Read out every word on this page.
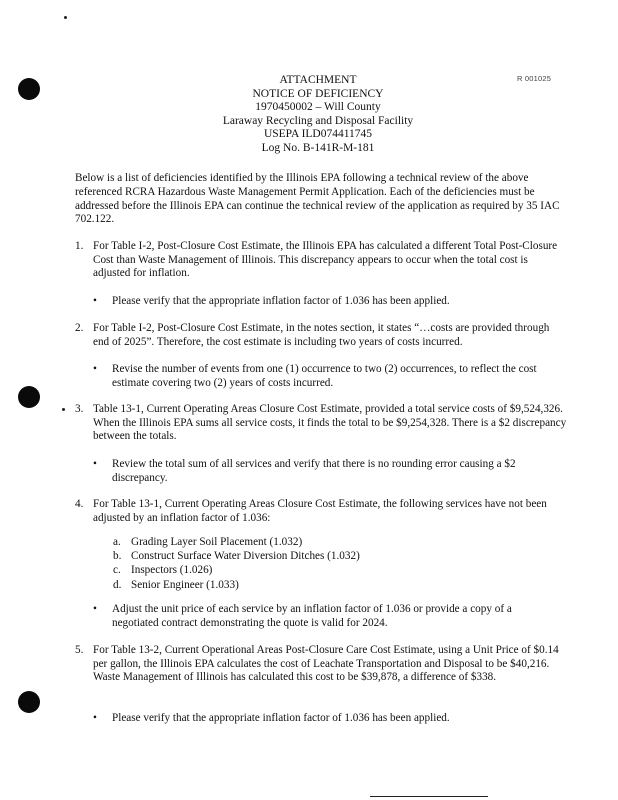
R 001025
ATTACHMENT
NOTICE OF DEFICIENCY
1970450002 – Will County
Laraway Recycling and Disposal Facility
USEPA ILD074411745
Log No. B-141R-M-181
Below is a list of deficiencies identified by the Illinois EPA following a technical review of the above referenced RCRA Hazardous Waste Management Permit Application. Each of the deficiencies must be addressed before the Illinois EPA can continue the technical review of the application as required by 35 IAC 702.122.
1. For Table I-2, Post-Closure Cost Estimate, the Illinois EPA has calculated a different Total Post-Closure Cost than Waste Management of Illinois. This discrepancy appears to occur when the total cost is adjusted for inflation.
• Please verify that the appropriate inflation factor of 1.036 has been applied.
2. For Table I-2, Post-Closure Cost Estimate, in the notes section, it states “…costs are provided through end of 2025”. Therefore, the cost estimate is including two years of costs incurred.
• Revise the number of events from one (1) occurrence to two (2) occurrences, to reflect the cost estimate covering two (2) years of costs incurred.
3. Table 13-1, Current Operating Areas Closure Cost Estimate, provided a total service costs of $9,524,326. When the Illinois EPA sums all service costs, it finds the total to be $9,254,328. There is a $2 discrepancy between the totals.
• Review the total sum of all services and verify that there is no rounding error causing a $2 discrepancy.
4. For Table 13-1, Current Operating Areas Closure Cost Estimate, the following services have not been adjusted by an inflation factor of 1.036:
a. Grading Layer Soil Placement (1.032)
b. Construct Surface Water Diversion Ditches (1.032)
c. Inspectors (1.026)
d. Senior Engineer (1.033)
• Adjust the unit price of each service by an inflation factor of 1.036 or provide a copy of a negotiated contract demonstrating the quote is valid for 2024.
5. For Table 13-2, Current Operational Areas Post-Closure Care Cost Estimate, using a Unit Price of $0.14 per gallon, the Illinois EPA calculates the cost of Leachate Transportation and Disposal to be $40,216. Waste Management of Illinois has calculated this cost to be $39,878, a difference of $338.
• Please verify that the appropriate inflation factor of 1.036 has been applied.
